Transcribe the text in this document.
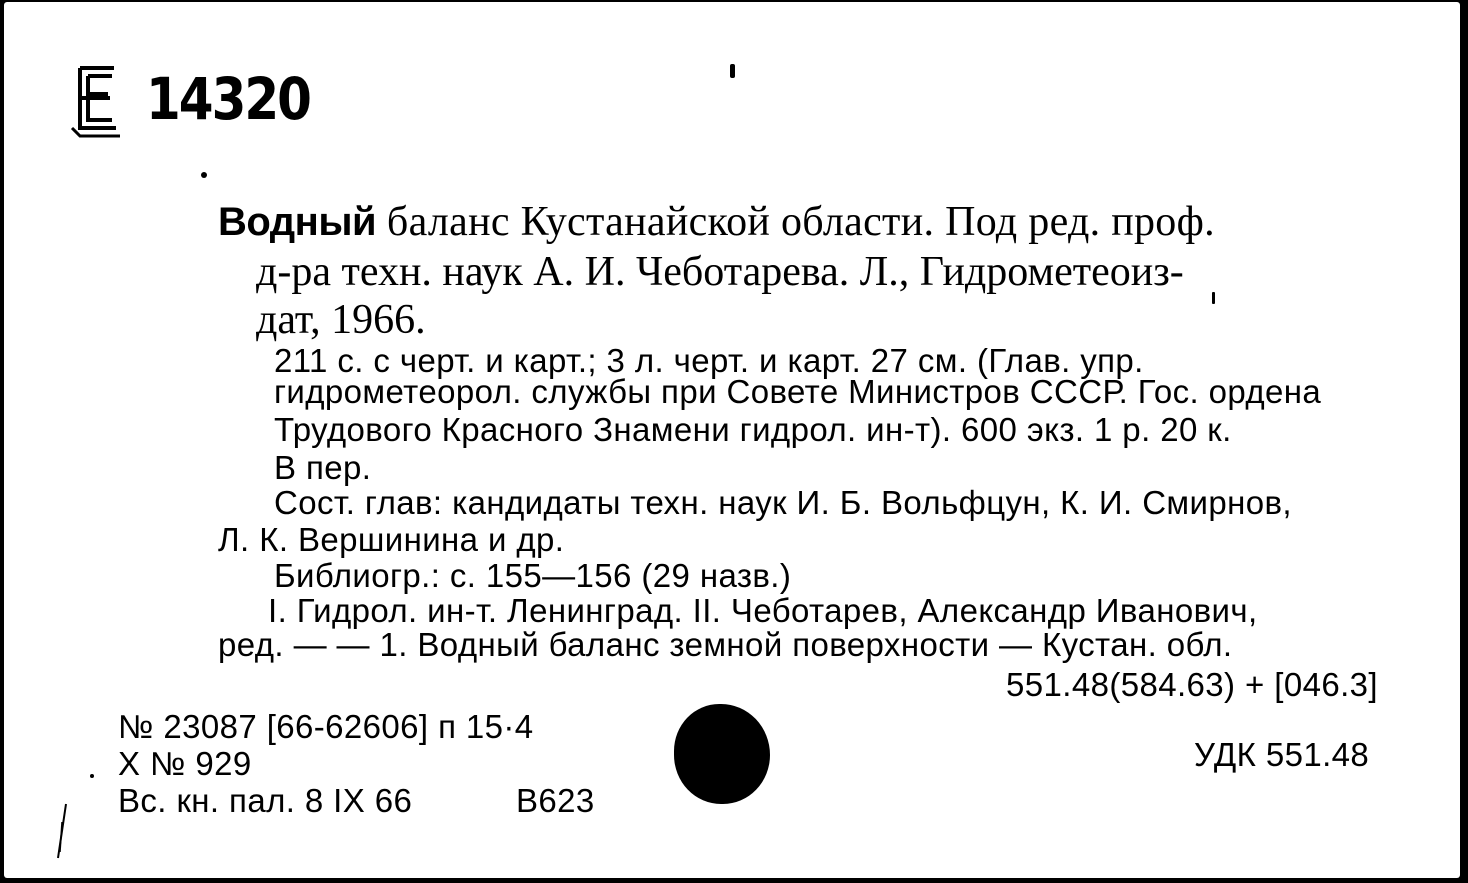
14320
Водный баланс Кустанайской области. Под ред. проф.
д-ра техн. наук А. И. Чеботарева. Л., Гидрометеоиз-
дат, 1966.
211 с. с черт. и карт.; 3 л. черт. и карт. 27 см. (Глав. упр.
гидрометеорол. службы при Совете Министров СССР. Гос. ордена
Трудового Красного Знамени гидрол. ин-т). 600 экз. 1 р. 20 к.
В пер.
Сост. глав: кандидаты техн. наук И. Б. Вольфцун, К. И. Смирнов,
Л. К. Вершинина и др.
Библиогр.: с. 155—156 (29 назв.)
I. Гидрол. ин-т. Ленинград. II. Чеботарев, Александр Иванович,
ред. — — 1. Водный баланс земной поверхности — Кустан. обл.
551.48(584.63) + [046.3]
№ 23087 [66-62606] п 15·4
Х № 929
Вс. кн. пал. 8 IX 66	В623
УДК 551.48
